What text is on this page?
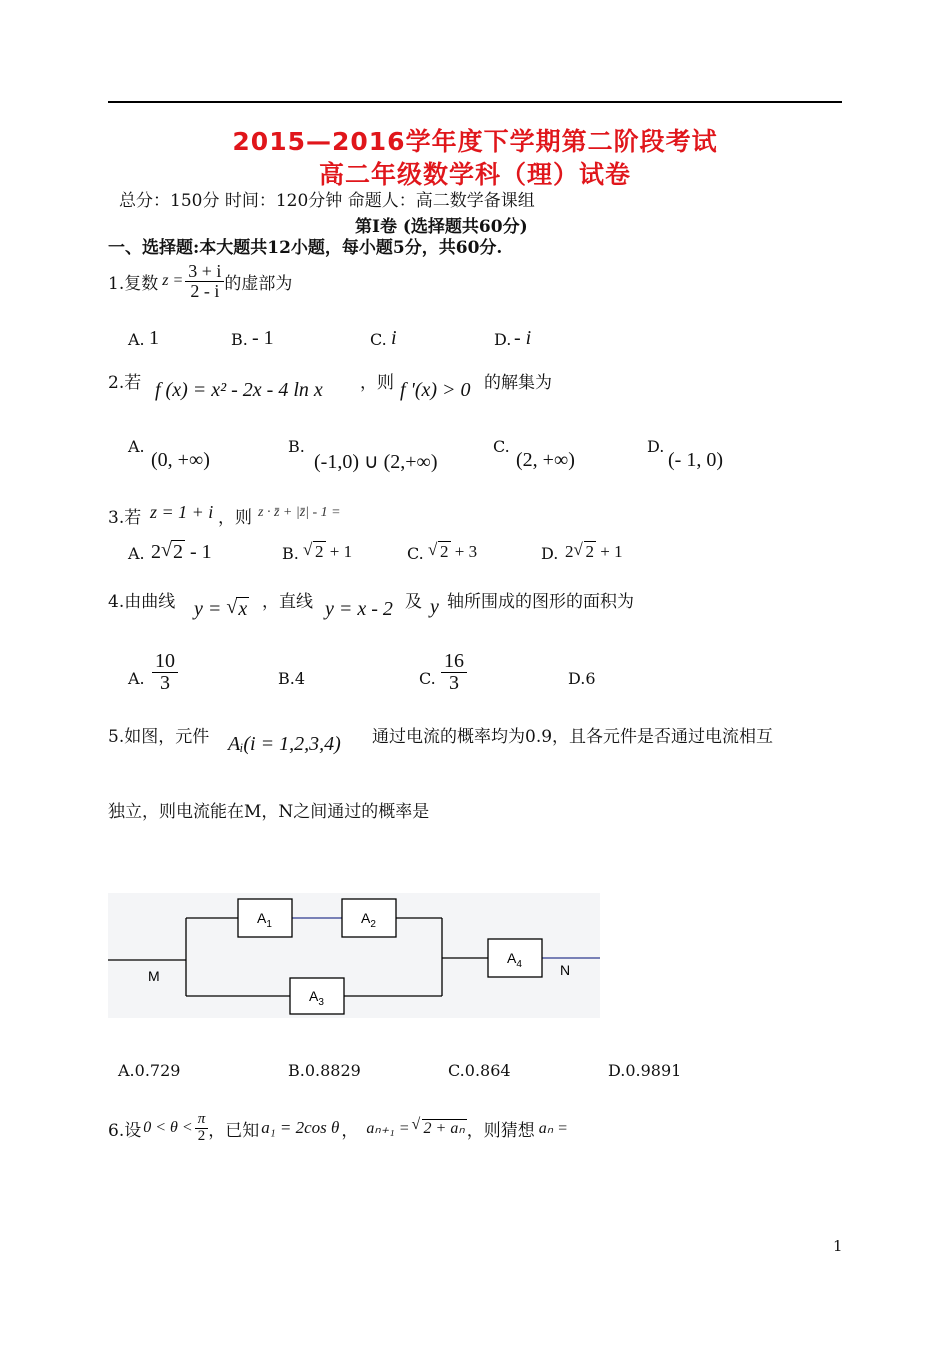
2015—2016学年度下学期第二阶段考试
高二年级数学科（理）试卷
总分：150分 时间：120分钟 命题人：高二数学备课组
第Ⅰ卷 (选择题共60分)
一、选择题:本大题共12小题，每小题5分，共60分.
1.复数 $z = \frac{3 + i}{2 - i}$ 的虚部为
A. 1	B. - 1	C. i	D. - i
2.若 f (x) = x² - 2x - 4 ln x ，则 f '(x) > 0 的解集为
A.
(0, +∞)
B.
(-1,0) ∪ (2,+∞)
C.
(2, +∞)
D.
(- 1, 0)
3.若 z = 1 + i ，则 z · z̄ + |z̄| - 1 =
A. 2 √ 2 - 1	B. √ 2 + 1	C. √ 2 + 3	D. 2 √ 2 + 1
4.由曲线 y = √ x ，直线 y = x - 2 及 y 轴所围成的图形的面积为
A. $\frac{10}{3}$	B.4	C. $\frac{16}{3}$	D.6
5.如图，元件 Aᵢ(i = 1,2,3,4) 通过电流的概率均为0.9，且各元件是否通过电流相互
独立，则电流能在M，N之间通过的概率是
$A_1$	$A_2$
$A_3$
$A_4$
M	N
A.0.729	B.0.8829	C.0.864	D.0.9891
6.设 $0 < \theta < \frac{\pi}{2}$ ，已知 a₁ = 2cos θ ， aₙ₊₁ = √ 2 + aₙ ，则猜想 aₙ =
1
